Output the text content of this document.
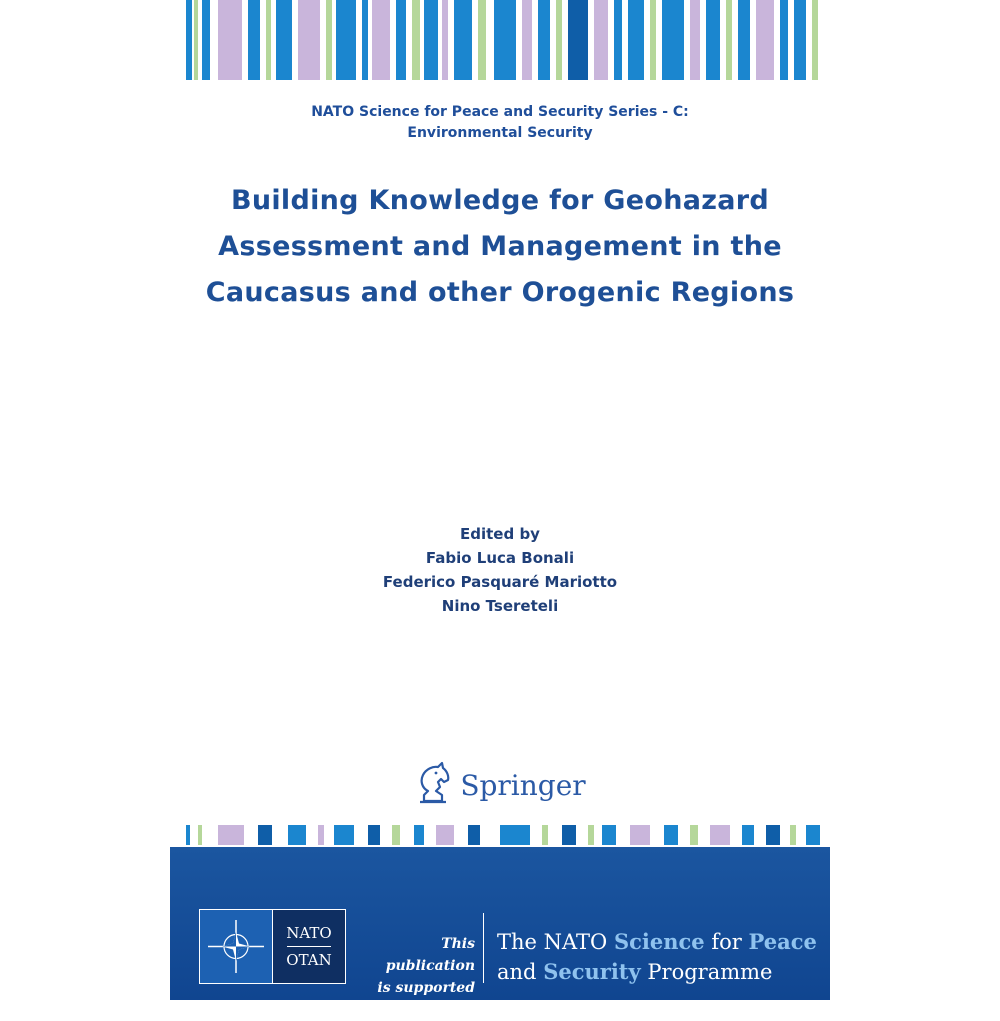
NATO Science for Peace and Security Series - C:
Environmental Security
Building Knowledge for Geohazard
Assessment and Management in the
Caucasus and other Orogenic Regions
Edited by
Fabio Luca Bonali
Federico Pasquaré Mariotto
Nino Tsereteli
Springer
NATO
OTAN
This publication
is supported by:
The NATO Science for Peace
and Security Programme
